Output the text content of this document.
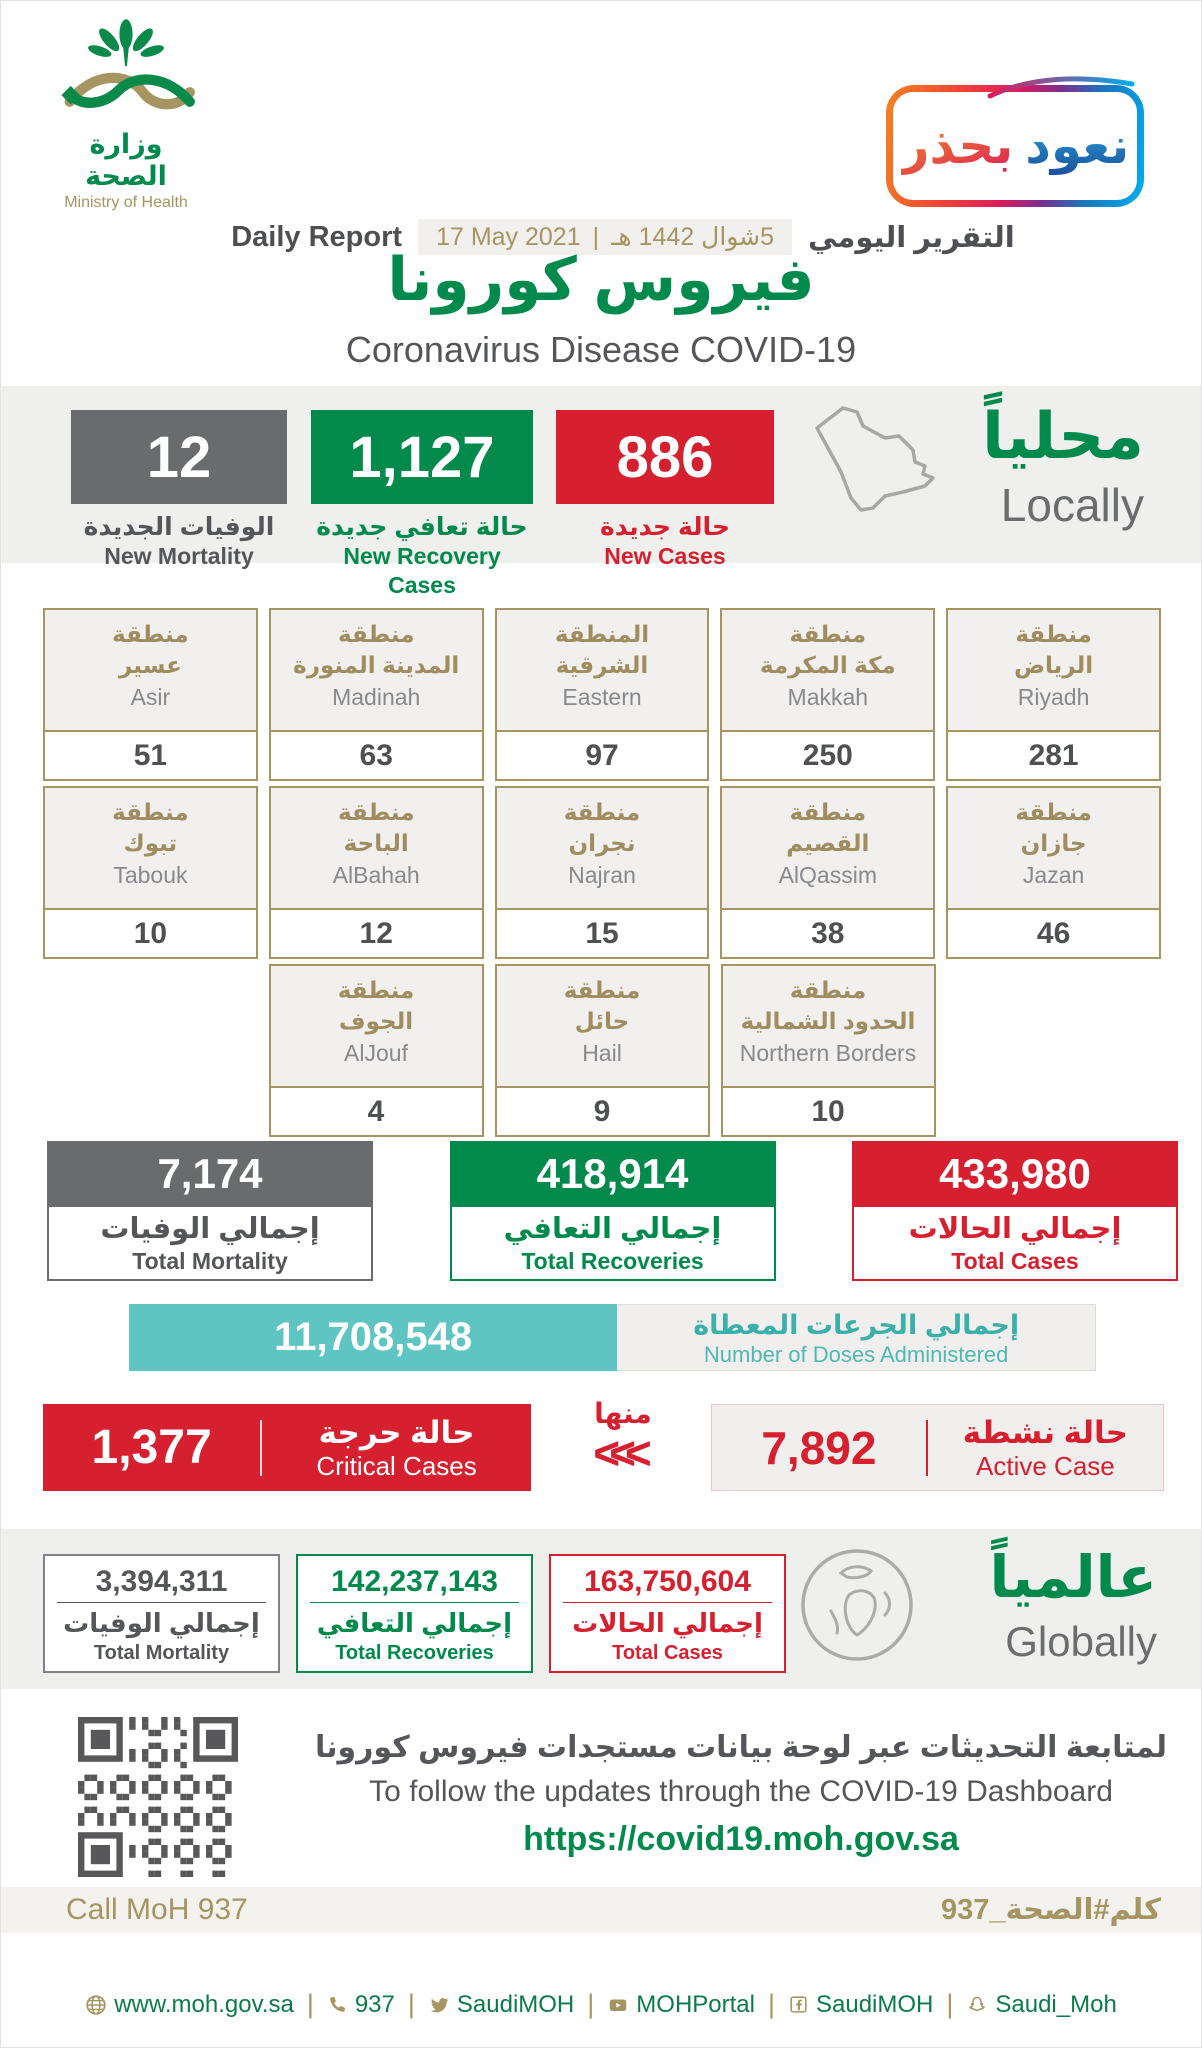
وزارة الصحة
Ministry of Health
نعود
بحذر
Daily Report 17 May 2021 | 5شوال 1442 هـ التقرير اليومي
فيروس كورونا
Coronavirus Disease COVID-19
12
الوفيات الجديدة
New Mortality
1,127
حالة تعافي جديدة
New Recovery Cases
886
حالة جديدة
New Cases
محلياً
Locally
منطقة
الرياض
Riyadh
281
منطقة
مكة المكرمة
Makkah
250
المنطقة
الشرقية
Eastern
97
منطقة
المدينة المنورة
Madinah
63
منطقة
عسير
Asir
51
منطقة
جازان
Jazan
46
منطقة
القصيم
AlQassim
38
منطقة
نجران
Najran
15
منطقة
الباحة
AlBahah
12
منطقة
تبوك
Tabouk
10
منطقة
الحدود الشمالية
Northern Borders
10
منطقة
حائل
Hail
9
منطقة
الجوف
AlJouf
4
7,174
إجمالي الوفيات
Total Mortality
418,914
إجمالي التعافي
Total Recoveries
433,980
إجمالي الحالات
Total Cases
11,708,548	إجمالي الجرعات المعطاة
Number of Doses Administered
1,377	حالة حرجة
Critical Cases
منها
<<<	7,892	حالة نشطة
Active Case
3,394,311
إجمالي الوفيات
Total Mortality
142,237,143
إجمالي التعافي
Total Recoveries
163,750,604
إجمالي الحالات
Total Cases
عالمياً
Globally
لمتابعة التحديثات عبر لوحة بيانات مستجدات فيروس كورونا
To follow the updates through the COVID-19 Dashboard
https://covid19.moh.gov.sa
Call MoH 937	كلم#الصحة_937
www.moh.gov.sa | 937 | SaudiMOH | MOHPortal | SaudiMOH | Saudi_Moh
